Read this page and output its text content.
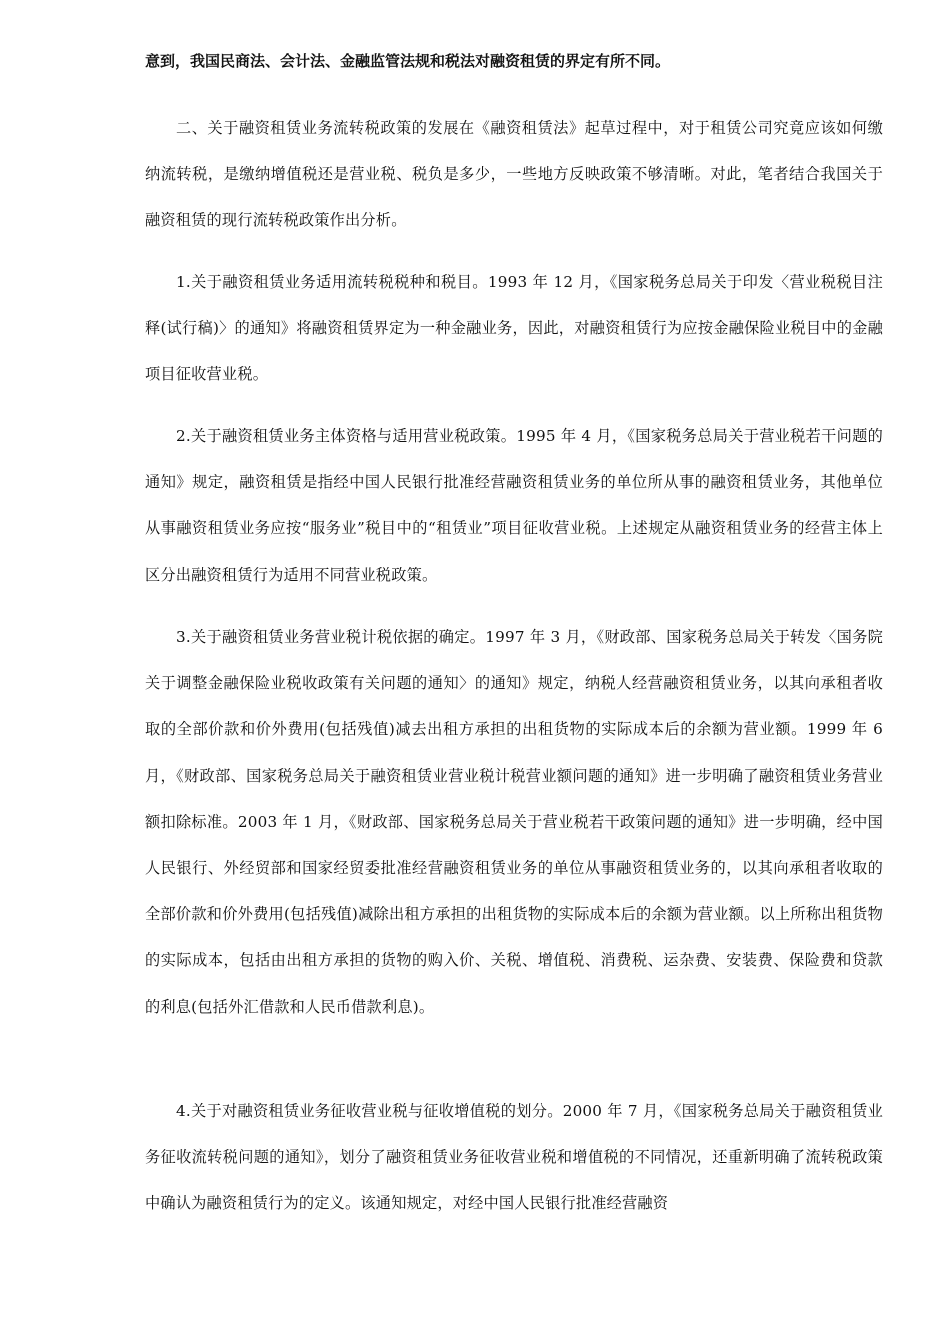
意到，我国民商法、会计法、金融监管法规和税法对融资租赁的界定有所不同。

二、关于融资租赁业务流转税政策的发展在《融资租赁法》起草过程中，对于租赁公司究竟应该如何缴纳流转税，是缴纳增值税还是营业税、税负是多少，一些地方反映政策不够清晰。对此，笔者结合我国关于融资租赁的现行流转税政策作出分析。

1.关于融资租赁业务适用流转税税种和税目。1993 年 12 月，《国家税务总局关于印发〈营业税税目注释(试行稿)〉的通知》将融资租赁界定为一种金融业务，因此，对融资租赁行为应按金融保险业税目中的金融项目征收营业税。

2.关于融资租赁业务主体资格与适用营业税政策。1995 年 4 月，《国家税务总局关于营业税若干问题的通知》规定，融资租赁是指经中国人民银行批准经营融资租赁业务的单位所从事的融资租赁业务，其他单位从事融资租赁业务应按“服务业”税目中的“租赁业”项目征收营业税。上述规定从融资租赁业务的经营主体上区分出融资租赁行为适用不同营业税政策。

3.关于融资租赁业务营业税计税依据的确定。1997 年 3 月，《财政部、国家税务总局关于转发〈国务院关于调整金融保险业税收政策有关问题的通知〉的通知》规定，纳税人经营融资租赁业务，以其向承租者收取的全部价款和价外费用(包括残值)减去出租方承担的出租货物的实际成本后的余额为营业额。1999 年 6 月，《财政部、国家税务总局关于融资租赁业营业税计税营业额问题的通知》进一步明确了融资租赁业务营业额扣除标准。2003 年 1 月，《财政部、国家税务总局关于营业税若干政策问题的通知》进一步明确，经中国人民银行、外经贸部和国家经贸委批准经营融资租赁业务的单位从事融资租赁业务的，以其向承租者收取的全部价款和价外费用(包括残值)减除出租方承担的出租货物的实际成本后的余额为营业额。以上所称出租货物的实际成本，包括由出租方承担的货物的购入价、关税、增值税、消费税、运杂费、安装费、保险费和贷款的利息(包括外汇借款和人民币借款利息)。

4.关于对融资租赁业务征收营业税与征收增值税的划分。2000 年 7 月，《国家税务总局关于融资租赁业务征收流转税问题的通知》，划分了融资租赁业务征收营业税和增值税的不同情况，还重新明确了流转税政策中确认为融资租赁行为的定义。该通知规定，对经中国人民银行批准经营融资
